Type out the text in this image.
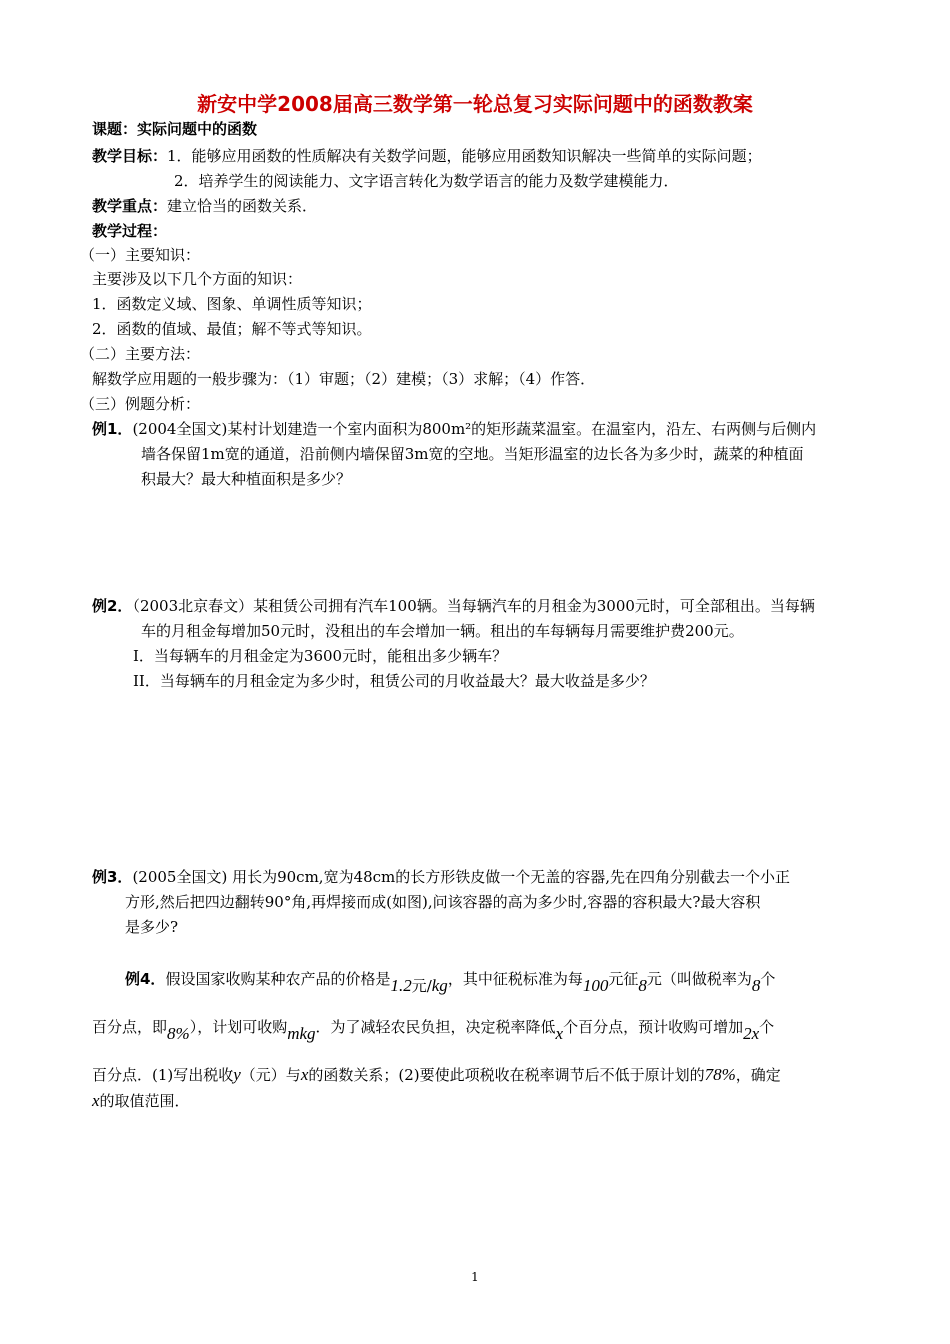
新安中学2008届高三数学第一轮总复习实际问题中的函数教案
课题：实际问题中的函数
教学目标：1．能够应用函数的性质解决有关数学问题，能够应用函数知识解决一些简单的实际问题；
2．培养学生的阅读能力、文字语言转化为数学语言的能力及数学建模能力．
教学重点：建立恰当的函数关系．
教学过程：
（一）主要知识：
主要涉及以下几个方面的知识：
1．函数定义域、图象、单调性质等知识；
2．函数的值域、最值；解不等式等知识。
（二）主要方法：
解数学应用题的一般步骤为：（1）审题；（2）建模；（3）求解；（4）作答．
（三）例题分析：
例1．(2004全国文)某村计划建造一个室内面积为800m²的矩形蔬菜温室。在温室内，沿左、右两侧与后侧内
墙各保留1m宽的通道，沿前侧内墙保留3m宽的空地。当矩形温室的边长各为多少时，蔬菜的种植面
积最大？最大种植面积是多少？
例2．（2003北京春文）某租赁公司拥有汽车100辆。当每辆汽车的月租金为3000元时，可全部租出。当每辆
车的月租金每增加50元时，没租出的车会增加一辆。租出的车每辆每月需要维护费200元。
I．当每辆车的月租金定为3600元时，能租出多少辆车？
II．当每辆车的月租金定为多少时，租赁公司的月收益最大？最大收益是多少？
例3．(2005全国文) 用长为90cm,宽为48cm的长方形铁皮做一个无盖的容器,先在四角分别截去一个小正
方形,然后把四边翻转90°角,再焊接而成(如图),问该容器的高为多少时,容器的容积最大?最大容积
是多少?
例4．假设国家收购某种农产品的价格是1.2元/kg，其中征税标准为每100元征8元（叫做税率为8个
百分点，即8%），计划可收购mkg．为了减轻农民负担，决定税率降低x个百分点，预计收购可增加2x个
百分点．(1)写出税收y（元）与x的函数关系；(2)要使此项税收在税率调节后不低于原计划的78%，确定
x的取值范围．
1
